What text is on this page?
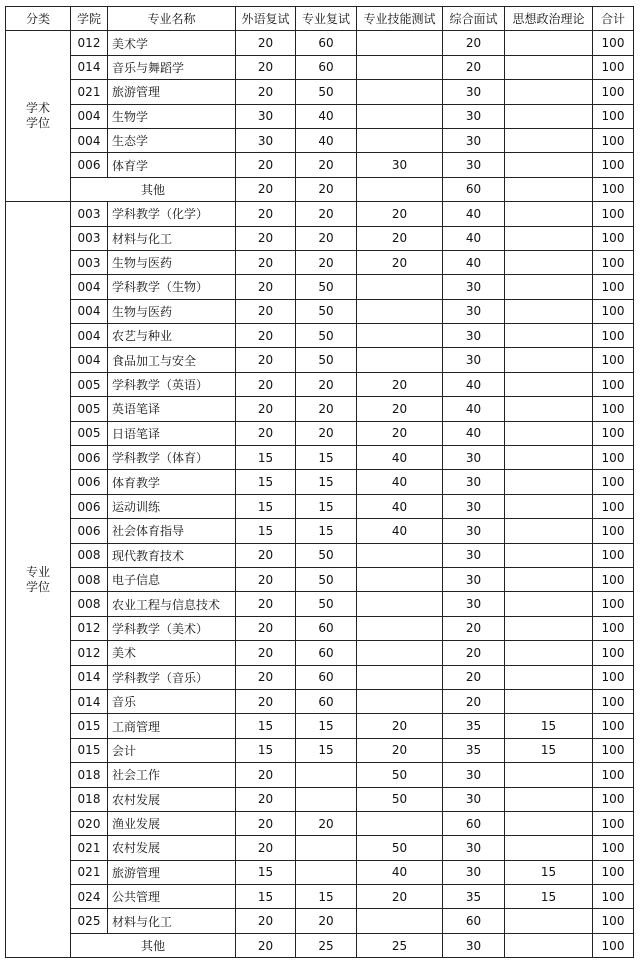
分类	学院	专业名称	外语复试	专业复试	专业技能测试	综合面试	思想政治理论	合计

学术
学位	012	美术学	20	60		20		100
	014	音乐与舞蹈学	20	60		20		100
	021	旅游管理	20	50		30		100
	004	生物学	30	40		30		100
	004	生态学	30	40		30		100
	006	体育学	20	20	30	30		100
	其他		20	20		60		100

专业
学位	003	学科教学（化学）	20	20	20	40		100
	003	材料与化工	20	20	20	40		100
	003	生物与医药	20	20	20	40		100
	004	学科教学（生物）	20	50		30		100
	004	生物与医药	20	50		30		100
	004	农艺与种业	20	50		30		100
	004	食品加工与安全	20	50		30		100
	005	学科教学（英语）	20	20	20	40		100
	005	英语笔译	20	20	20	40		100
	005	日语笔译	20	20	20	40		100
	006	学科教学（体育）	15	15	40	30		100
	006	体育教学	15	15	40	30		100
	006	运动训练	15	15	40	30		100
	006	社会体育指导	15	15	40	30		100
	008	现代教育技术	20	50		30		100
	008	电子信息	20	50		30		100
	008	农业工程与信息技术	20	50		30		100
	012	学科教学（美术）	20	60		20		100
	012	美术	20	60		20		100
	014	学科教学（音乐）	20	60		20		100
	014	音乐	20	60		20		100
	015	工商管理	15	15	20	35	15	100
	015	会计	15	15	20	35	15	100
	018	社会工作	20		50	30		100
	018	农村发展	20		50	30		100
	020	渔业发展	20	20		60		100
	021	农村发展	20		50	30		100
	021	旅游管理	15		40	30	15	100
	024	公共管理	15	15	20	35	15	100
	025	材料与化工	20	20		60		100
	其他		20	25	25	30		100
